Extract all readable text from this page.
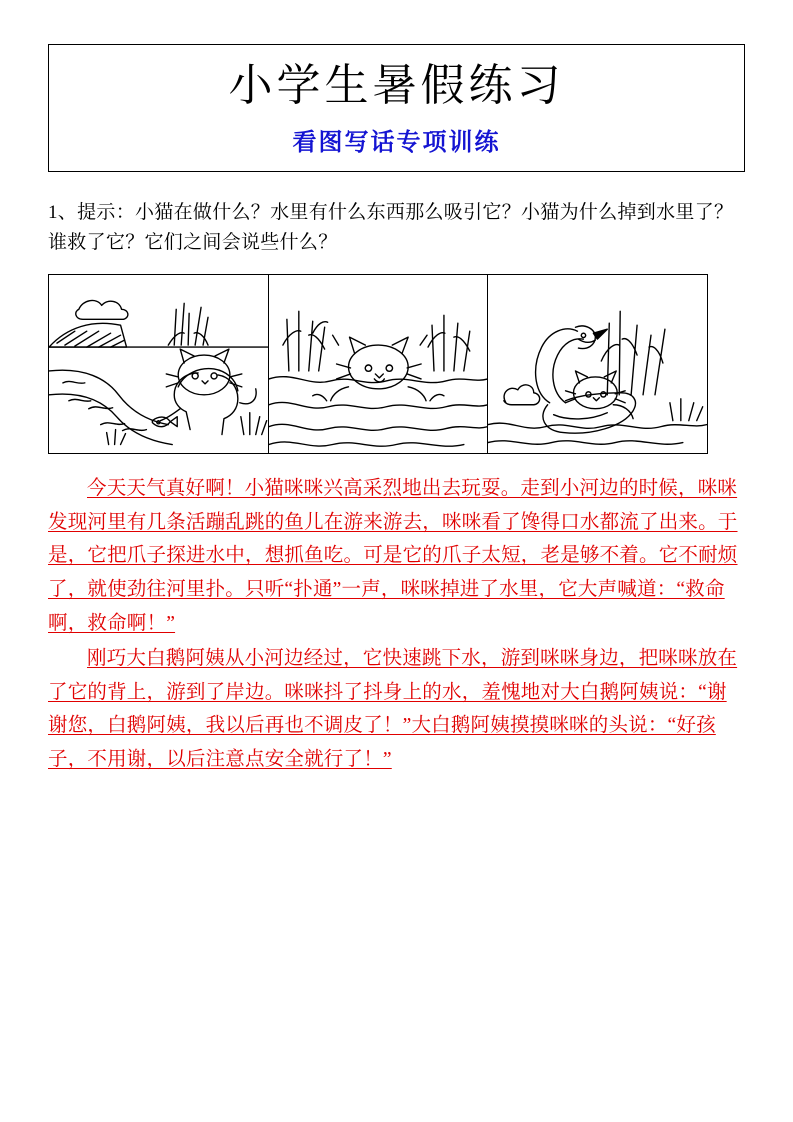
小学生暑假练习
看图写话专项训练
1、提示：小猫在做什么？水里有什么东西那么吸引它？小猫为什么掉到水里了？谁救了它？它们之间会说些什么？

今天天气真好啊！小猫咪咪兴高采烈地出去玩耍。走到小河边的时候，咪咪发现河里有几条活蹦乱跳的鱼儿在游来游去，咪咪看了馋得口水都流了出来。于是，它把爪子探进水中，想抓鱼吃。可是它的爪子太短，老是够不着。它不耐烦了，就使劲往河里扑。只听“扑通”一声，咪咪掉进了水里，它大声喊道：“救命啊，救命啊！”

刚巧大白鹅阿姨从小河边经过，它快速跳下水，游到咪咪身边，把咪咪放在了它的背上，游到了岸边。咪咪抖了抖身上的水，羞愧地对大白鹅阿姨说：“谢谢您，白鹅阿姨，我以后再也不调皮了！”大白鹅阿姨摸摸咪咪的头说：“好孩子，不用谢，以后注意点安全就行了！”
